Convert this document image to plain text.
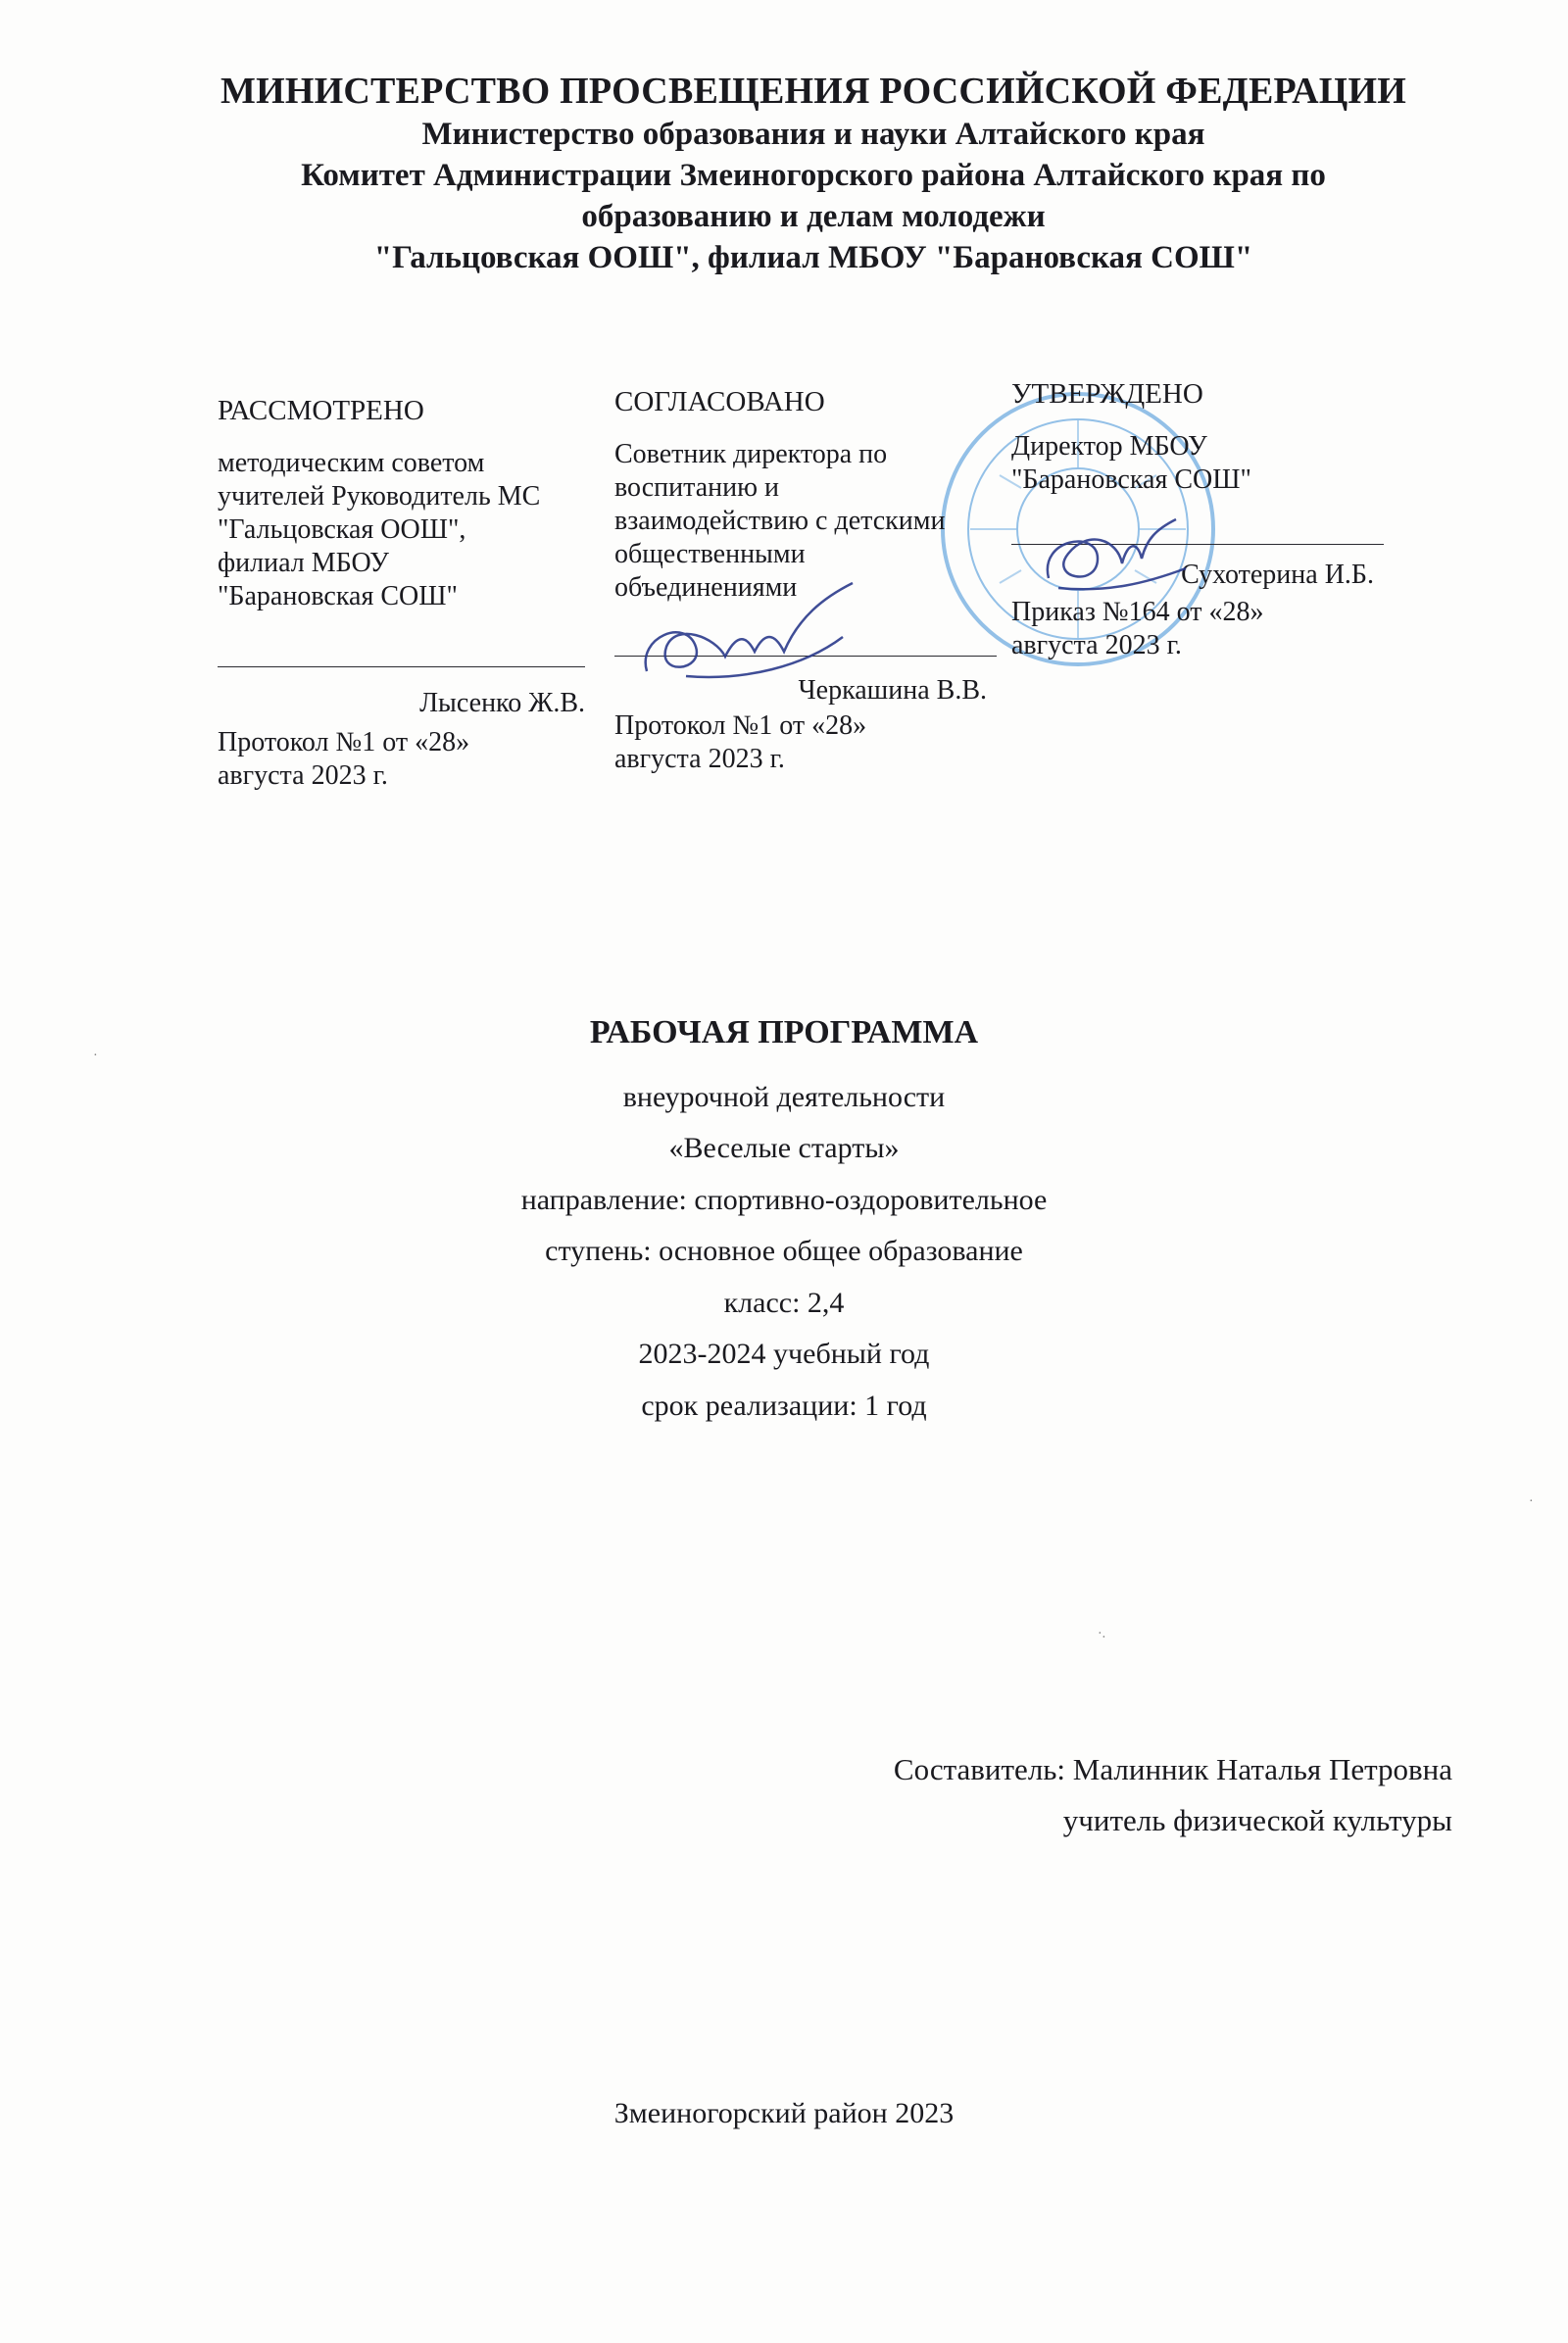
МИНИСТЕРСТВО ПРОСВЕЩЕНИЯ РОССИЙСКОЙ ФЕДЕРАЦИИ
Министерство образования и науки Алтайского края
Комитет Администрации Змеиногорского района Алтайского края по
образованию и делам молодежи
"Гальцовская ООШ", филиал МБОУ "Барановская СОШ"
РАССМОТРЕНО
методическим советом
учителей Руководитель МС
"Гальцовская ООШ",
филиал МБОУ
"Барановская СОШ"
Лысенко Ж.В.
Протокол №1 от «28»
августа 2023 г.
СОГЛАСОВАНО
Советник директора по
воспитанию и
взаимодействию с детскими
общественными
объединениями
Черкашина В.В.
Протокол №1 от «28»
августа 2023 г.
УТВЕРЖДЕНО
Директор МБОУ
"Барановская СОШ"
Сухотерина И.Б.
Приказ №164 от «28»
августа 2023 г.
РАБОЧАЯ ПРОГРАММА
внеурочной деятельности
«Веселые старты»
направление: спортивно-оздоровительное
ступень: основное общее образование
класс: 2,4
2023-2024 учебный год
срок реализации: 1 год
Составитель: Малинник Наталья Петровна
учитель физической культуры
Змеиногорский район 2023
·.
·
·
